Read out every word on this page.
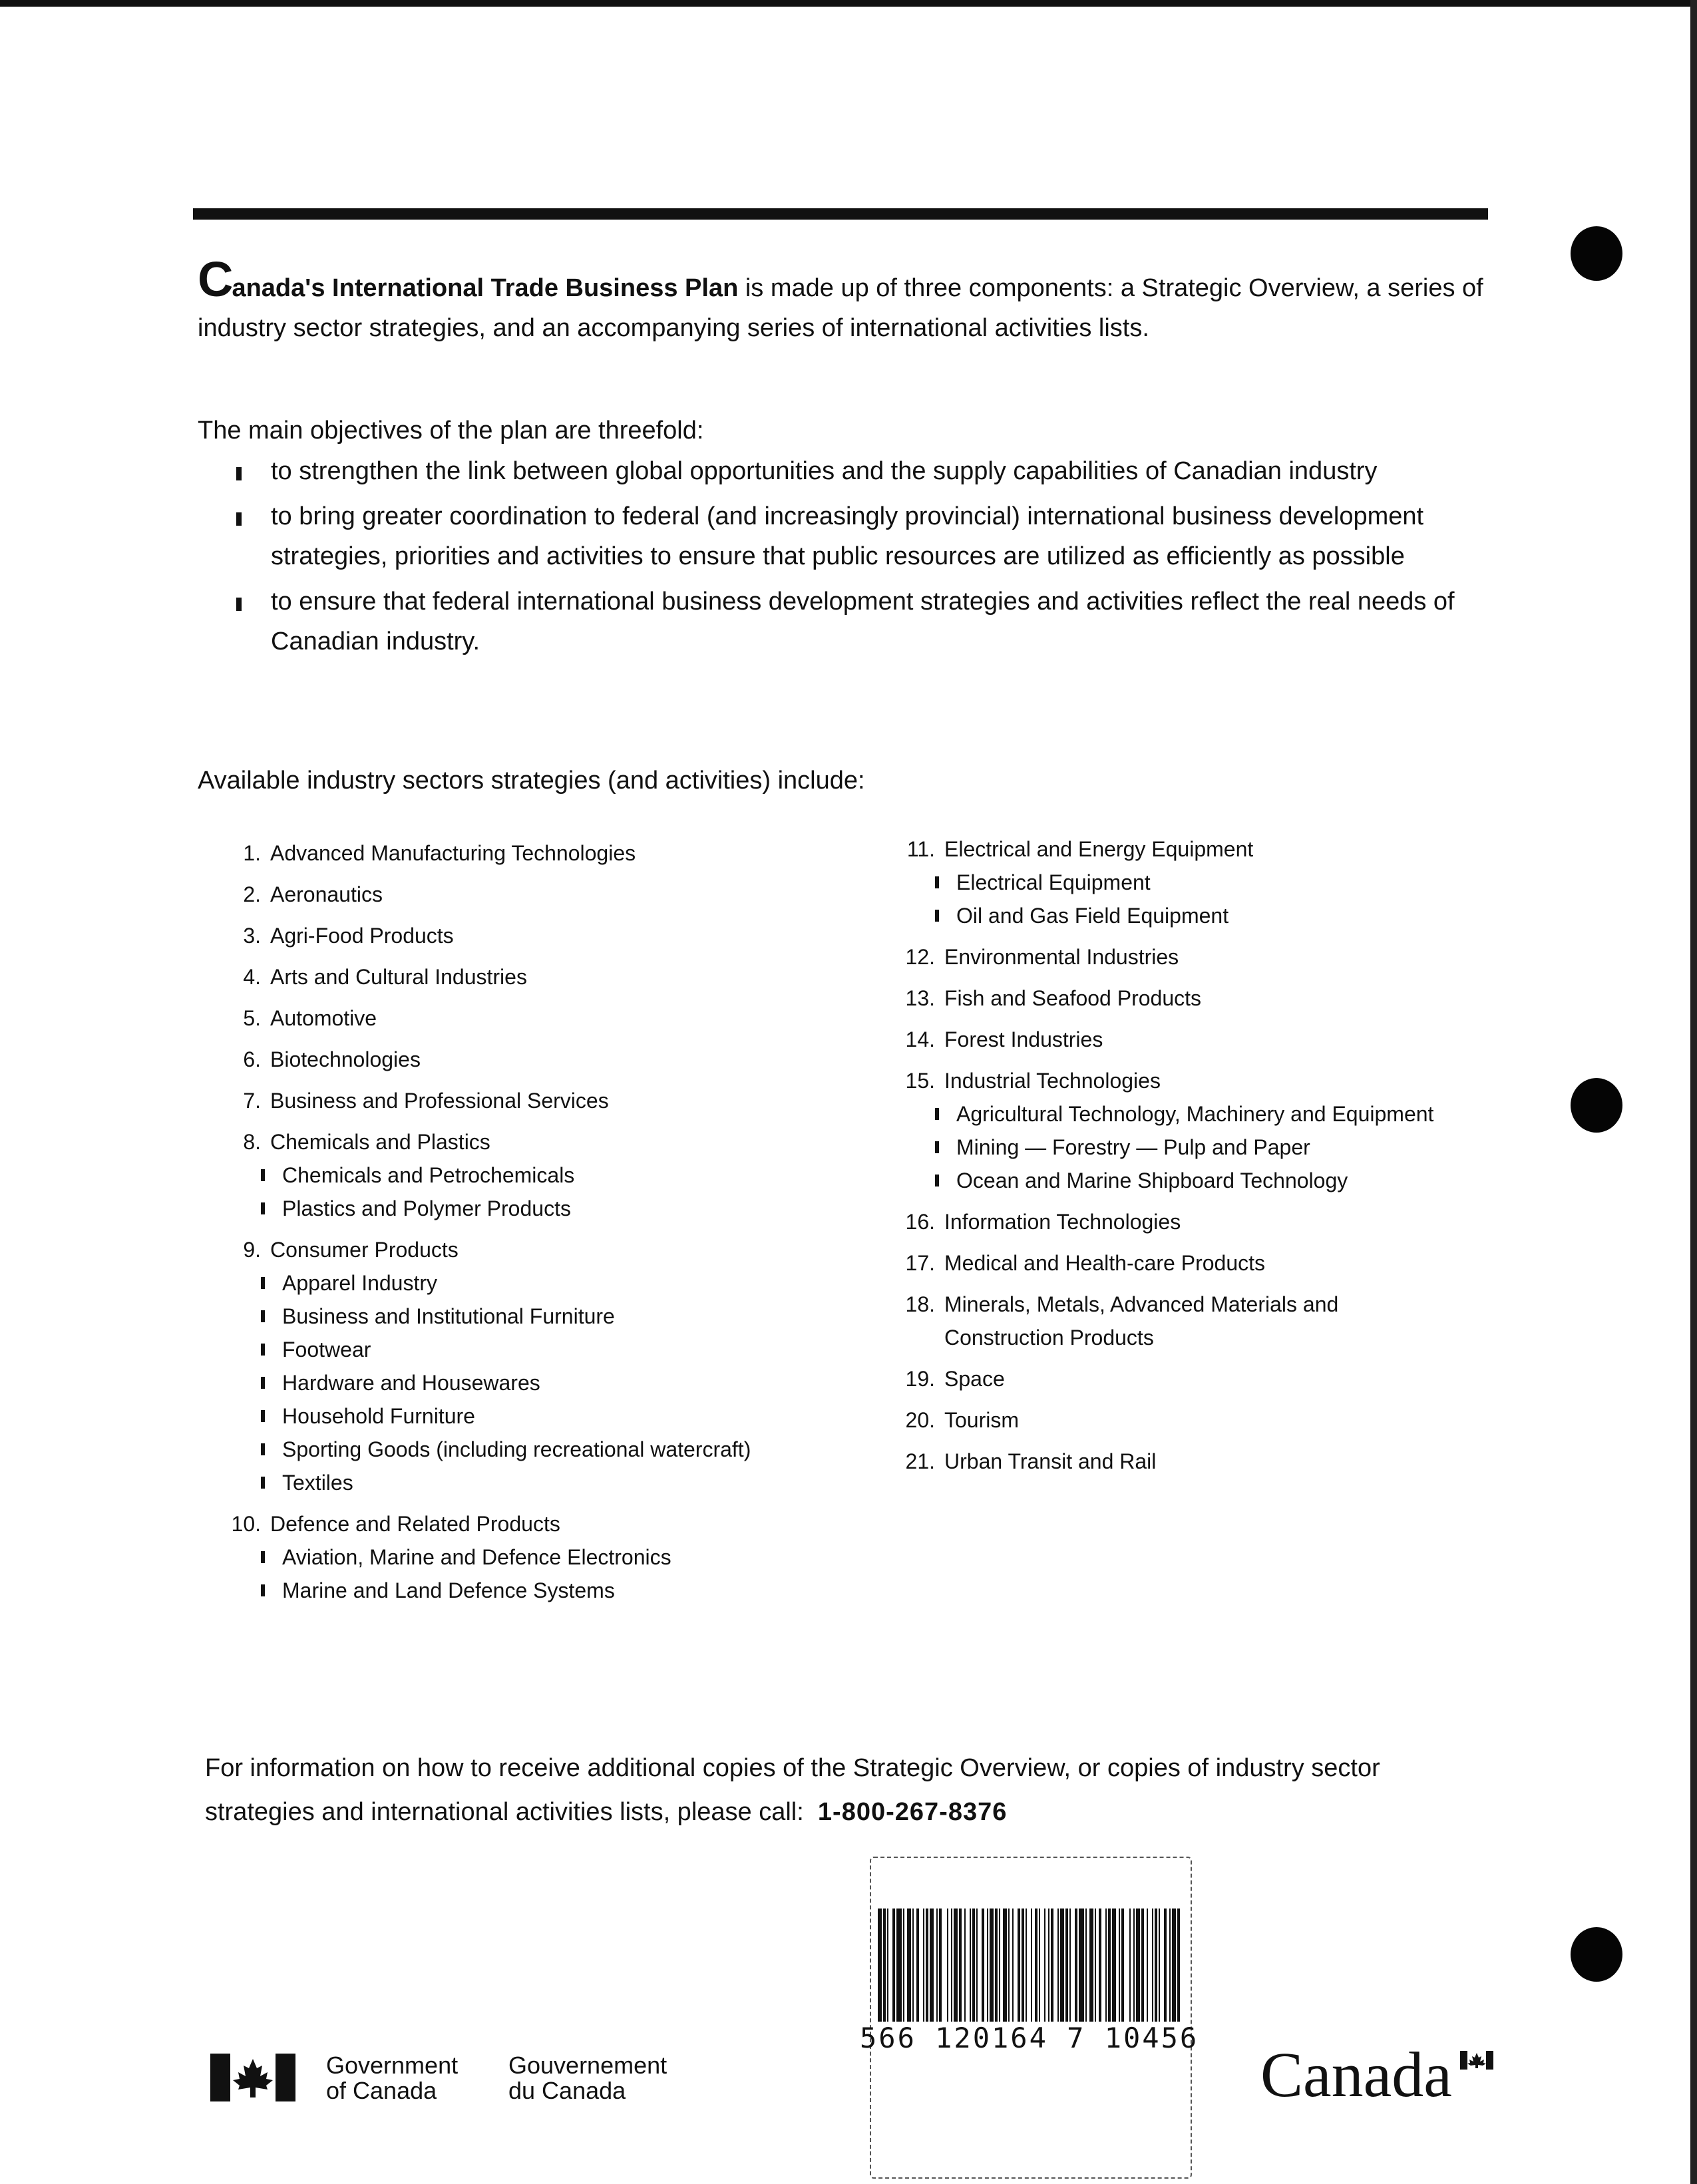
Canada's International Trade Business Plan is made up of three components: a Strategic Overview, a series of industry sector strategies, and an accompanying series of international activities lists.
The main objectives of the plan are threefold:
to strengthen the link between global opportunities and the supply capabilities of Canadian industry
to bring greater coordination to federal (and increasingly provincial) international business development strategies, priorities and activities to ensure that public resources are utilized as efficiently as possible
to ensure that federal international business development strategies and activities reflect the real needs of Canadian industry.
Available industry sectors strategies (and activities) include:
1. Advanced Manufacturing Technologies
2. Aeronautics
3. Agri-Food Products
4. Arts and Cultural Industries
5. Automotive
6. Biotechnologies
7. Business and Professional Services
8. Chemicals and Plastics
Chemicals and Petrochemicals
Plastics and Polymer Products
9. Consumer Products
Apparel Industry
Business and Institutional Furniture
Footwear
Hardware and Housewares
Household Furniture
Sporting Goods (including recreational watercraft)
Textiles
10. Defence and Related Products
Aviation, Marine and Defence Electronics
Marine and Land Defence Systems
11. Electrical and Energy Equipment
Electrical Equipment
Oil and Gas Field Equipment
12. Environmental Industries
13. Fish and Seafood Products
14. Forest Industries
15. Industrial Technologies
Agricultural Technology, Machinery and Equipment
Mining — Forestry — Pulp and Paper
Ocean and Marine Shipboard Technology
16. Information Technologies
17. Medical and Health-care Products
18. Minerals, Metals, Advanced Materials and
Construction Products
19. Space
20. Tourism
21. Urban Transit and Rail
For information on how to receive additional copies of the Strategic Overview, or copies of industry sector strategies and international activities lists, please call: 1-800-267-8376
566 120164 7 10456
Government
of Canada
Gouvernement
du Canada	Canada
